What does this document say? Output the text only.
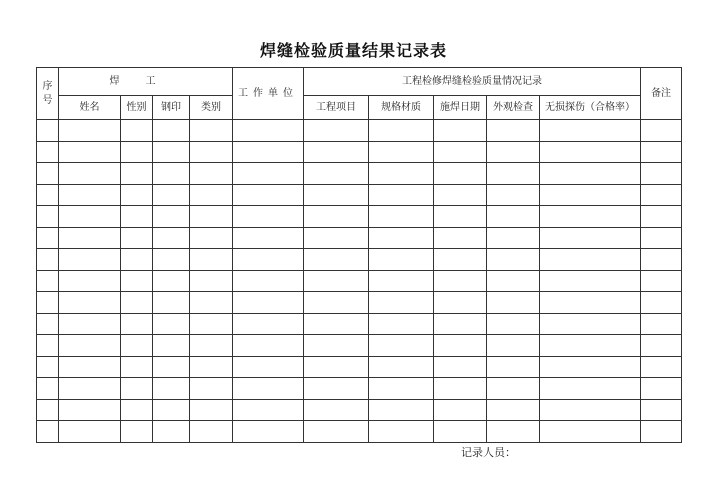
焊缝检验质量结果记录表
序号	焊工				工作单位	工程检修焊缝检验质量情况记录					备注
	姓名	性别	钢印	类别		工程项目	规格材质	施焊日期	外观检查	无损探伤（合格率）	

记录人员：
